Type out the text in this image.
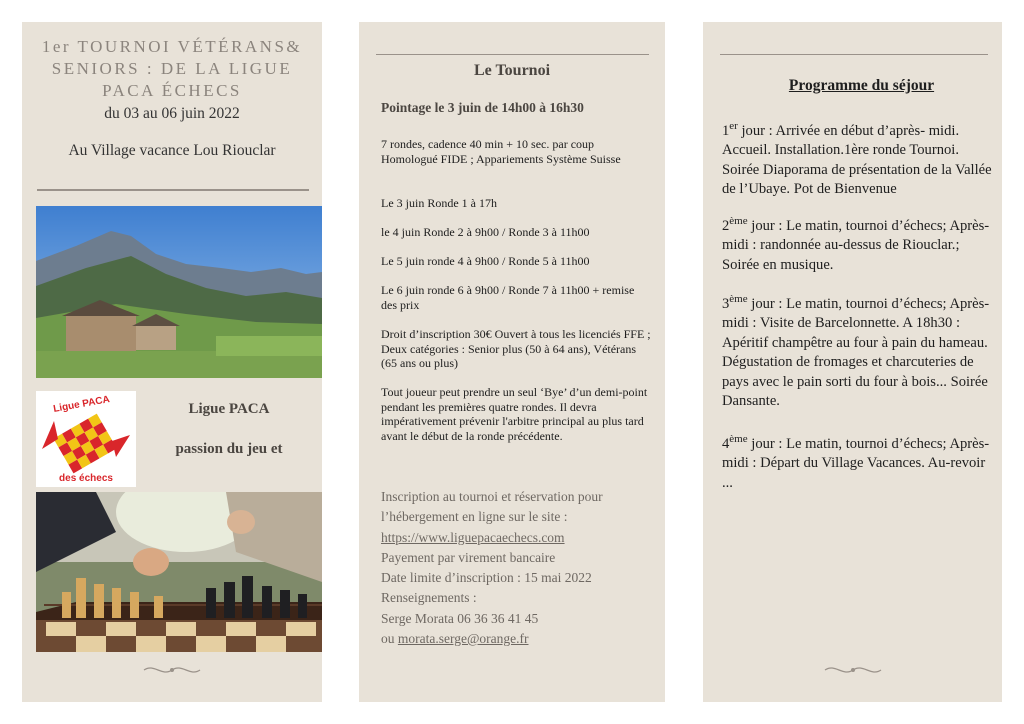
1er TOURNOI VÉTÉRANS&
SENIORS : DE LA LIGUE
PACA ÉCHECS
du 03 au 06 juin 2022
Au Village vacance Lou Riouclar
Ligue PACA
des échecs
Ligue PACA
passion du jeu et
Le Tournoi
Pointage le 3 juin de 14h00 à 16h30
7 rondes, cadence 40 min + 10 sec. par coup Homologué FIDE ; Appariements Système Suisse
Le 3 juin Ronde 1 à 17h
le 4 juin Ronde 2 à 9h00 / Ronde 3 à 11h00
Le 5 juin ronde 4 à 9h00 / Ronde 5 à 11h00
Le 6 juin ronde 6 à 9h00 / Ronde 7 à 11h00 + remise des prix
Droit d’inscription 30€ Ouvert à tous les licenciés FFE ; Deux catégories : Senior plus (50 à 64 ans), Vétérans (65 ans ou plus)
Tout joueur peut prendre un seul ‘Bye’ d’un demi-point pendant les premières quatre rondes. Il devra impérativement prévenir l'arbitre principal au plus tard avant le début de la ronde précédente.
Inscription au tournoi et réservation pour l’hébergement en ligne sur le site :
https://www.liguepacaechecs.com
Payement par virement bancaire
Date limite d’inscription : 15 mai 2022
Renseignements :
Serge Morata 06 36 36 41 45
ou morata.serge@orange.fr
Programme du séjour
1er jour : Arrivée en début d’après- midi. Accueil. Installation.1ère ronde Tournoi. Soirée Diaporama de présentation de la Vallée de l’Ubaye. Pot de Bienvenue
2ème jour : Le matin, tournoi d’échecs; Après-midi : randonnée au-dessus de Riouclar.; Soirée en musique.
3ème jour : Le matin, tournoi d’échecs; Après-midi : Visite de Barcelonnette. A 18h30 : Apéritif champêtre au four à pain du hameau. Dégustation de fromages et charcuteries de pays avec le pain sorti du four à bois... Soirée Dansante.
4ème jour : Le matin, tournoi d’échecs; Après-midi : Départ du Village Vacances. Au-revoir ...
